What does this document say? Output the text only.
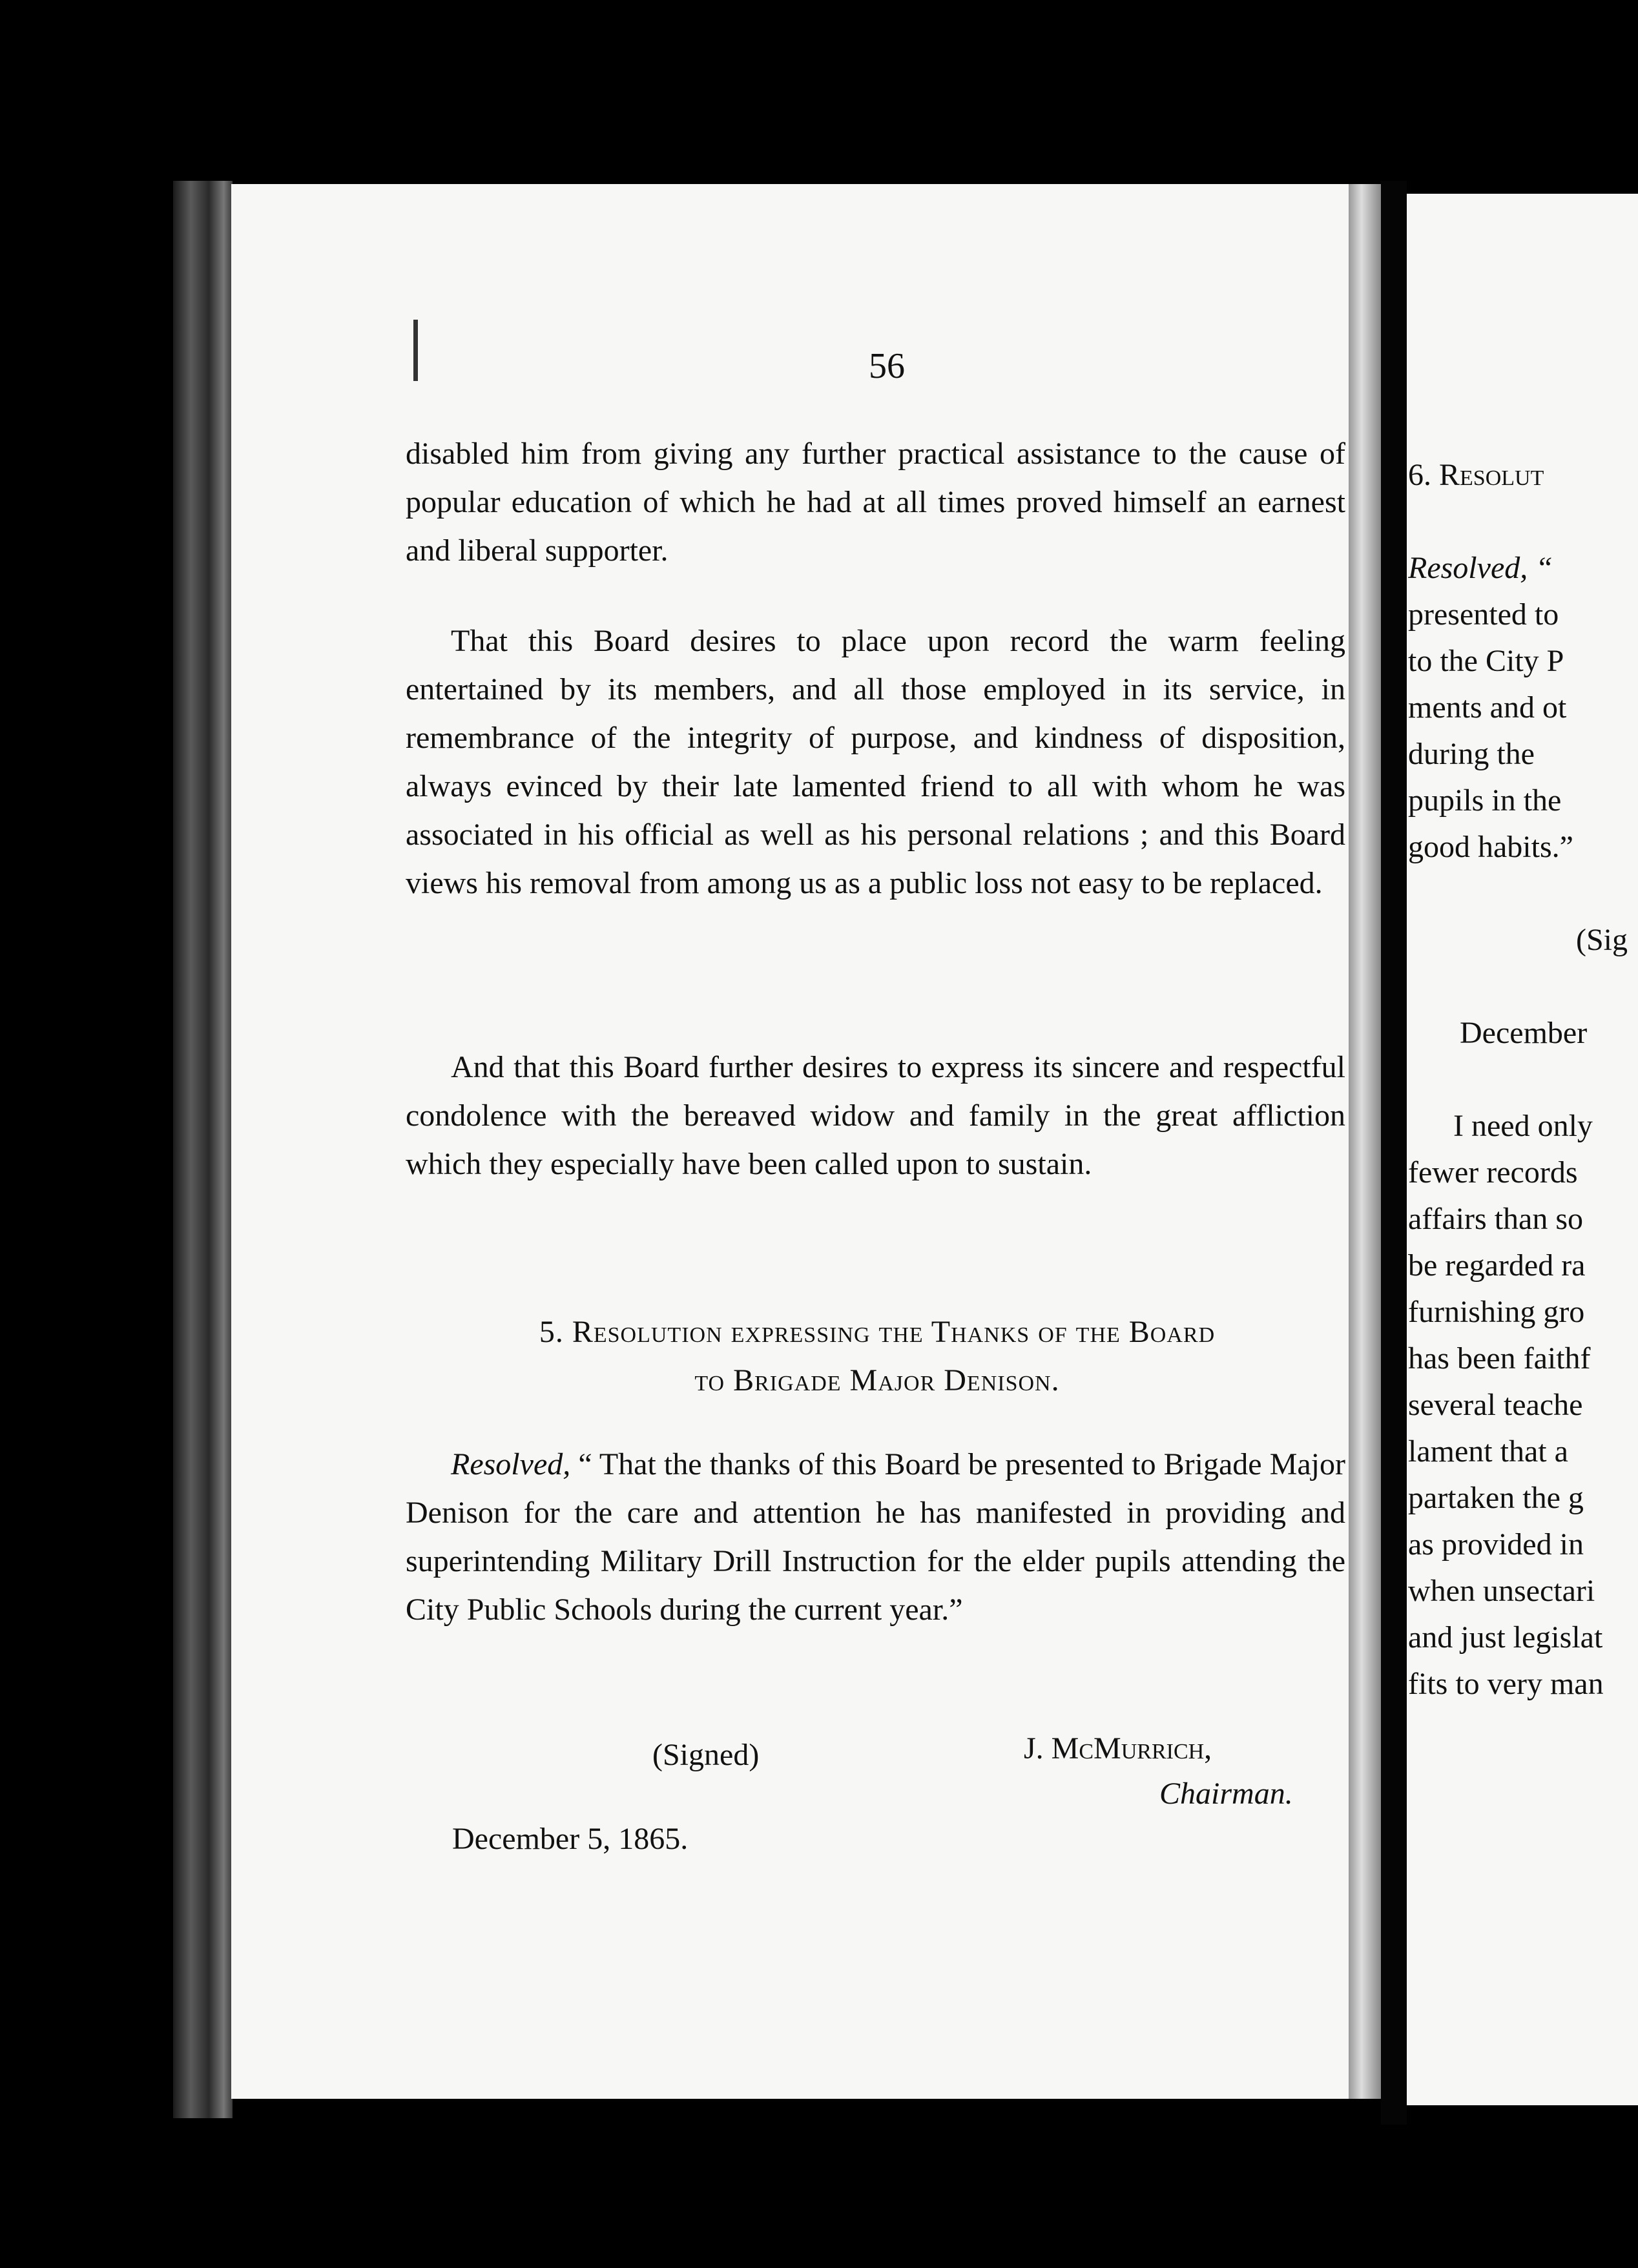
56

disabled him from giving any further practical assistance to the cause of popular education of which he had at all times proved himself an earnest and liberal supporter.

That this Board desires to place upon record the warm feeling entertained by its members, and all those employed in its service, in remembrance of the integrity of purpose, and kindness of disposition, always evinced by their late lamented friend to all with whom he was associated in his official as well as his personal relations ; and this Board views his removal from among us as a public loss not easy to be replaced.

And that this Board further desires to express its sincere and respectful condolence with the bereaved widow and family in the great affliction which they especially have been called upon to sustain.

5. Resolution expressing the Thanks of the Board
to Brigade Major Denison.

Resolved, “ That the thanks of this Board be presented to Brigade Major Denison for the care and attention he has manifested in providing and superintending Military Drill Instruction for the elder pupils attending the City Public Schools during the current year.”

(Signed)	J. McMurrich,
Chairman.
December 5, 1865.

6. Resolut

Resolved, “

presented to

to the City P

ments and ot

during the

pupils in the

good habits.”

(Sig

December

I need only

fewer records

affairs than so

be regarded ra

furnishing gro

has been faithf

several teache

lament that a

partaken the g

as provided in

when unsectari

and just legislat

fits to very man
